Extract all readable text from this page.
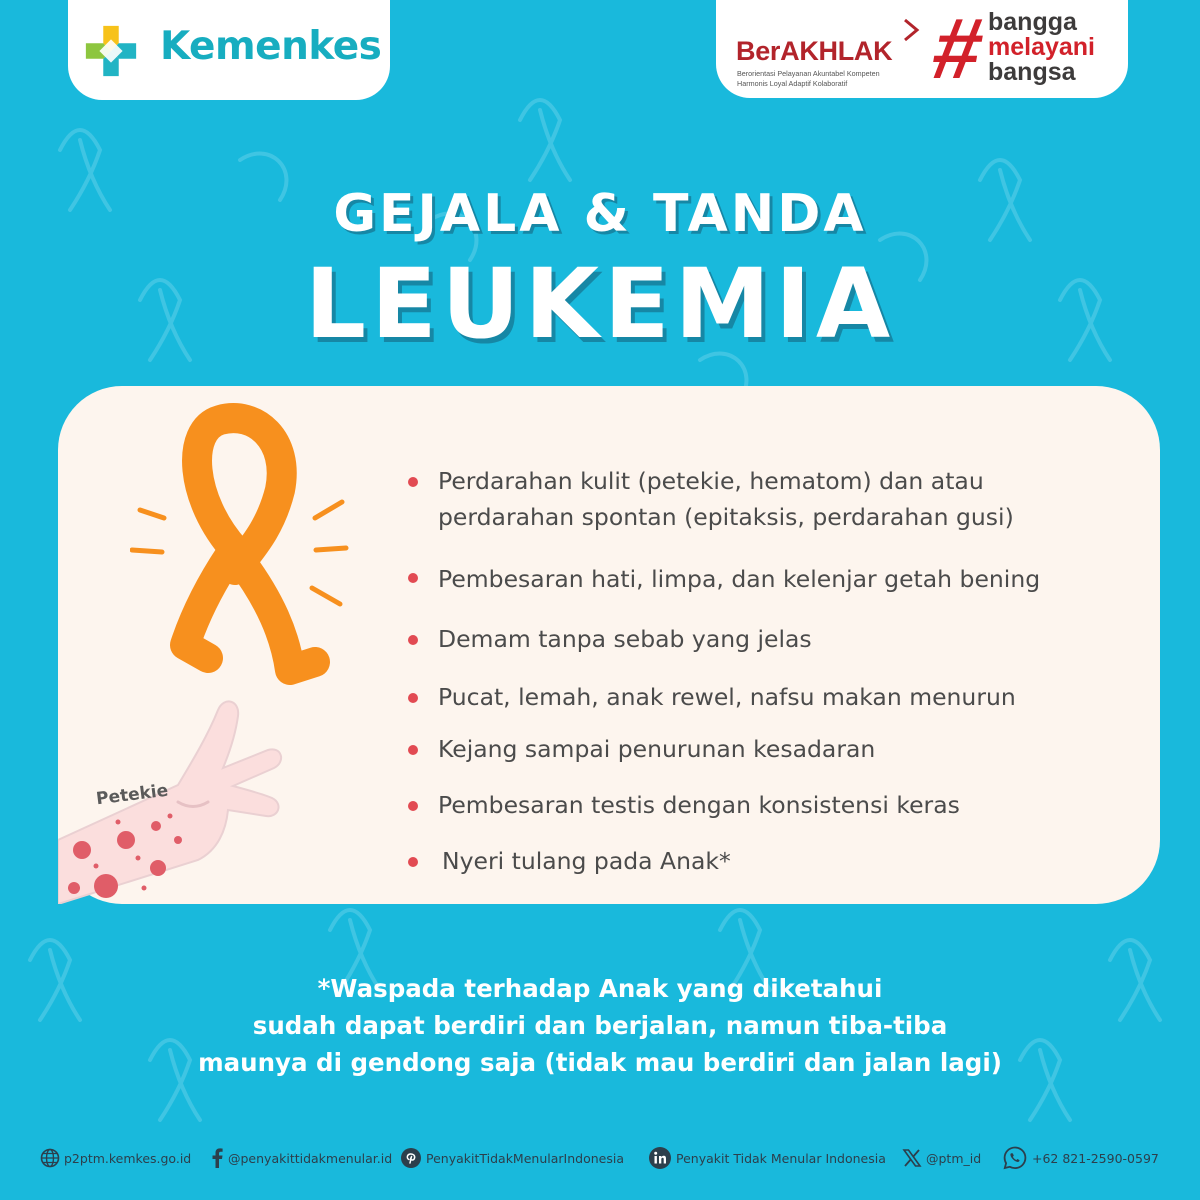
Kemenkes	BerAKHLAK
Berorientasi Pelayanan Akuntabel Kompeten
Harmonis Loyal Adaptif Kolaboratif #
bangga
melayani
bangsa
GEJALA & TANDA
LEUKEMIA
Petekie
Perdarahan kulit (petekie, hematom) dan atau
perdarahan spontan (epitaksis, perdarahan gusi)
Pembesaran hati, limpa, dan kelenjar getah bening
Demam tanpa sebab yang jelas
Pucat, lemah, anak rewel, nafsu makan menurun
Kejang sampai penurunan kesadaran
Pembesaran testis dengan konsistensi keras
Nyeri tulang pada Anak*
*Waspada terhadap Anak yang diketahui
sudah dapat berdiri dan berjalan, namun tiba-tiba
maunya di gendong saja (tidak mau berdiri dan jalan lagi)
p2ptm.kemkes.go.id	@penyakittidakmenular.id	PenyakitTidakMenularIndonesia	Penyakit Tidak Menular Indonesia	@ptm_id	+62 821-2590-0597
